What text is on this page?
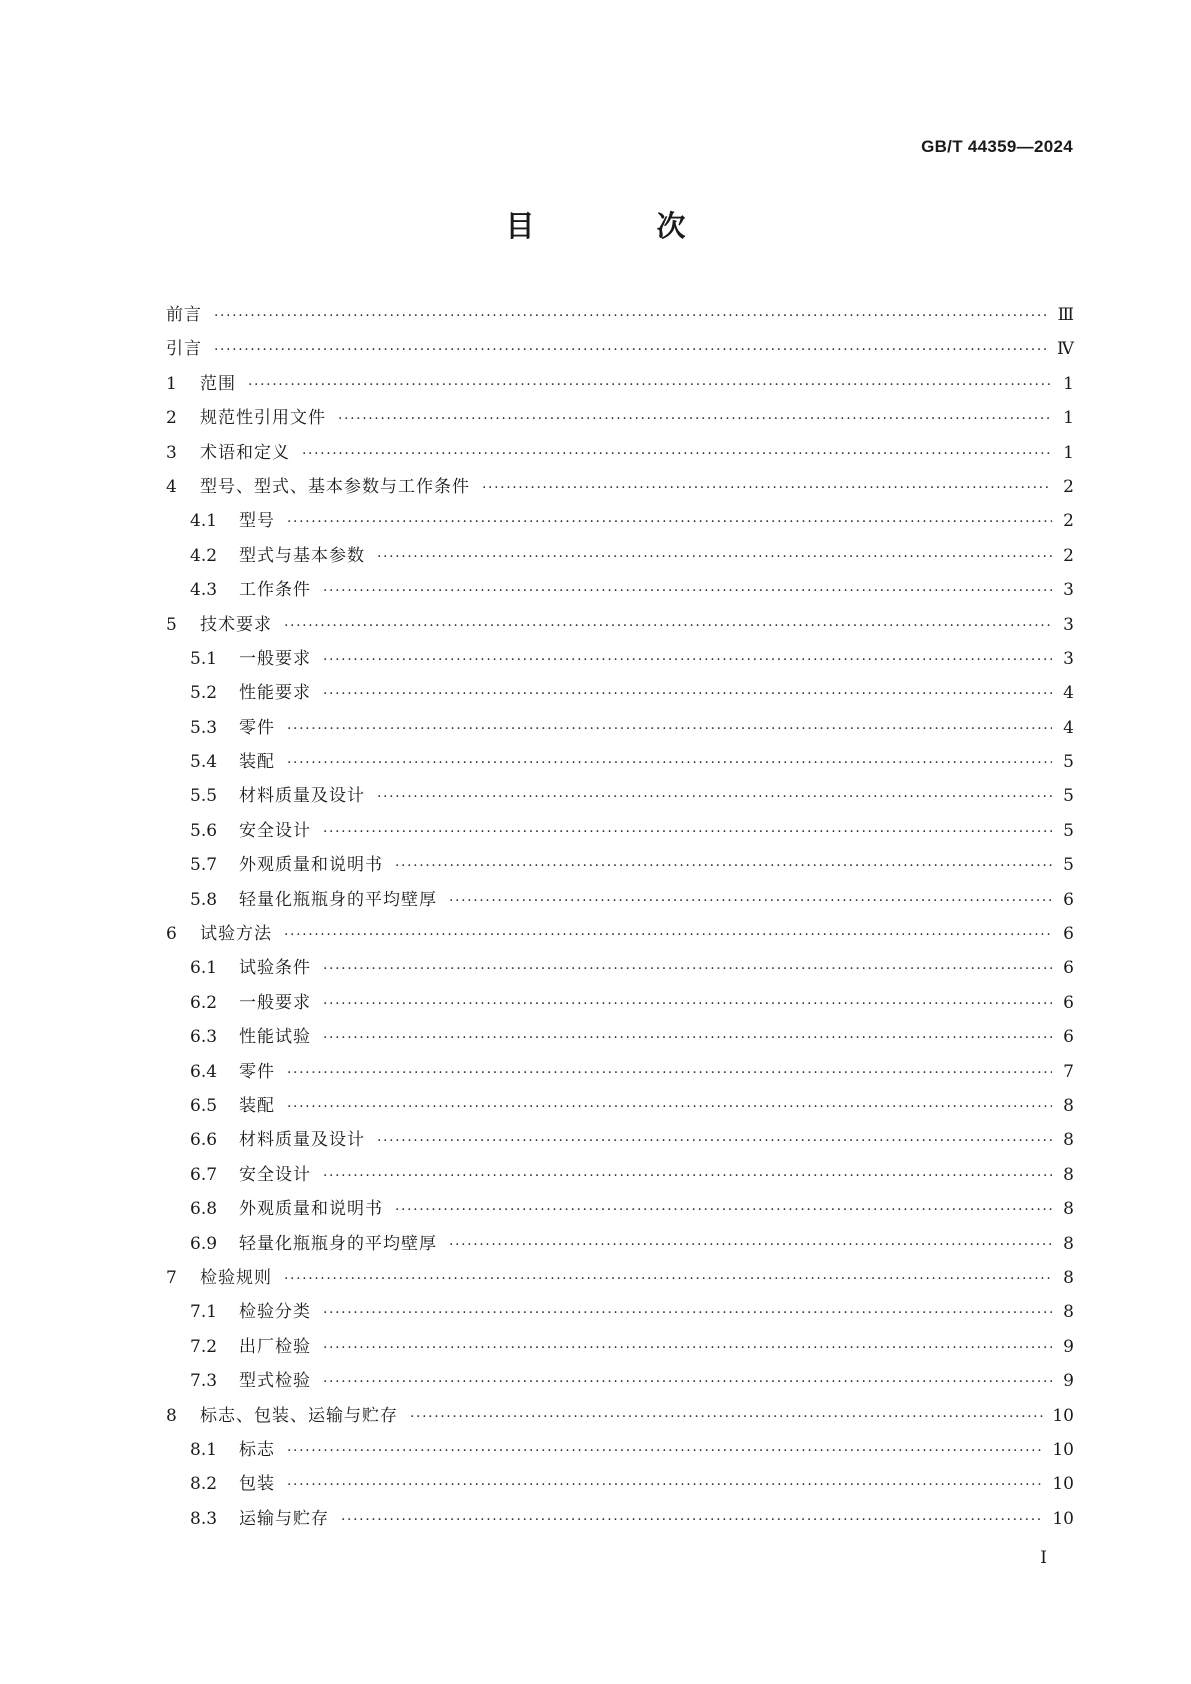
GB/T 44359—2024
目 次
前言 ·····	Ⅲ
引言 ·····	Ⅳ
1	范围 ·····	1
2	规范性引用文件 ·····	1
3	术语和定义 ·····	1
4	型号、型式、基本参数与工作条件 ·····	2
4.1	型号 ·····	2
4.2	型式与基本参数 ·····	2
4.3	工作条件 ·····	3
5	技术要求 ·····	3
5.1	一般要求 ·····	3
5.2	性能要求 ·····	4
5.3	零件 ·····	4
5.4	装配 ·····	5
5.5	材料质量及设计 ·····	5
5.6	安全设计 ·····	5
5.7	外观质量和说明书 ·····	5
5.8	轻量化瓶瓶身的平均壁厚 ·····	6
6	试验方法 ·····	6
6.1	试验条件 ·····	6
6.2	一般要求 ·····	6
6.3	性能试验 ·····	6
6.4	零件 ·····	7
6.5	装配 ·····	8
6.6	材料质量及设计 ·····	8
6.7	安全设计 ·····	8
6.8	外观质量和说明书 ·····	8
6.9	轻量化瓶瓶身的平均壁厚 ·····	8
7	检验规则 ·····	8
7.1	检验分类 ·····	8
7.2	出厂检验 ·····	9
7.3	型式检验 ·····	9
8	标志、包装、运输与贮存 ·····	10
8.1	标志 ·····	10
8.2	包装 ·····	10
8.3	运输与贮存 ·····	10
I
